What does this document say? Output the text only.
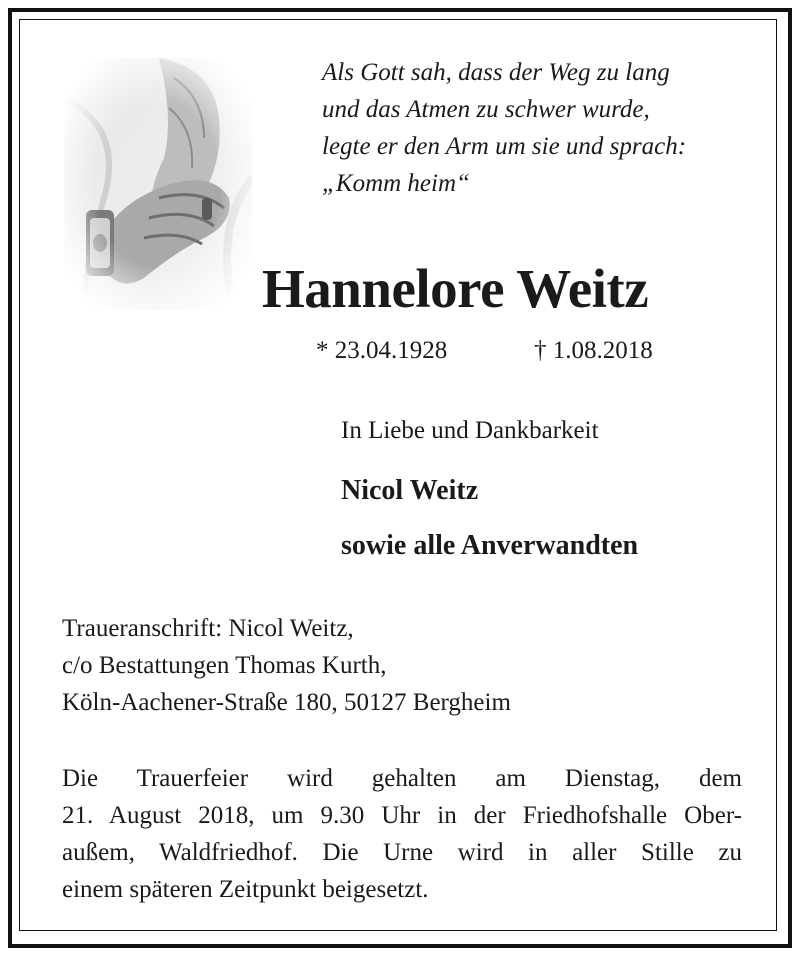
Als Gott sah, dass der Weg zu lang
und das Atmen zu schwer wurde,
legte er den Arm um sie und sprach:
„Komm heim“
Hannelore Weitz
* 23.04.1928	† 1.08.2018
In Liebe und Dankbarkeit
Nicol Weitz
sowie alle Anverwandten
Traueranschrift: Nicol Weitz,
c/o Bestattungen Thomas Kurth,
Köln-Aachener-Straße 180, 50127 Bergheim
Die Trauerfeier wird gehalten am Dienstag, dem
21. August 2018, um 9.30 Uhr in der Friedhofshalle Ober-
außem, Waldfriedhof. Die Urne wird in aller Stille zu
einem späteren Zeitpunkt beigesetzt.
